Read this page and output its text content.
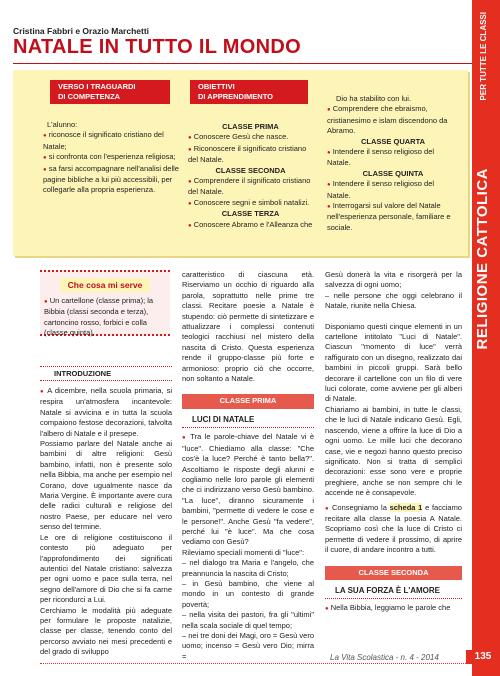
Cristina Fabbri e Orazio Marchetti
NATALE IN TUTTO IL MONDO	PER TUTTE LE CLASSI
RELIGIONE CATTOLICA
VERSO I TRAGUARDI
DI COMPETENZA

L'alunno:

● riconosce il significato cristiano del Natale;

● si confronta con l'esperienza religiosa;

● sa farsi accompagnare nell'analisi delle pagine bibliche a lui più accessibili, per collegarle alla propria esperienza.

OBIETTIVI
DI APPRENDIMENTO

CLASSE PRIMA

● Conoscere Gesù che nasce.

● Riconoscere il significato cristiano del Natale.

CLASSE SECONDA

● Comprendere il significato cristiano del Natale.

● Conoscere segni e simboli natalizi.

CLASSE TERZA

● Conoscere Abramo e l'Alleanza che

Dio ha stabilito con lui.

● Comprendere che ebraismo, cristianesimo e islam discendono da Abramo.

CLASSE QUARTA

● Intendere il senso religioso del Natale.

CLASSE QUINTA

● Intendere il senso religioso del Natale.

● Interrogarsi sul valore del Natale nell'esperienza personale, familiare e sociale.

Che cosa mi serve
● Un cartellone (classe prima); la Bibbia (classi seconda e terza), cartoncino rosso, forbici e colla (classe quinta).
INTRODUZIONE

● A dicembre, nella scuola primaria, si respira un'atmosfera incantevole: Natale si avvicina e in tutta la scuola compaiono festose decorazioni, talvolta l'albero di Natale e il presepe.

Possiamo parlare del Natale anche ai bambini di altre religioni: Gesù bambino, infatti, non è presente solo nella Bibbia, ma anche per esempio nel Corano, dove ugualmente nasce da Maria Vergine. È importante avere cura delle radici culturali e religiose del nostro Paese, per educare nel vero senso del termine.

Le ore di religione costituiscono il contesto più adeguato per l'approfondimento dei significati autentici del Natale cristiano: salvezza per ogni uomo e pace sulla terra, nel segno dell'amore di Dio che si fa carne per ricondurci a Lui.

Cerchiamo le modalità più adeguate per formulare le proposte natalizie, classe per classe, tenendo conto del percorso avviato nei mesi precedenti e del grado di sviluppo

caratteristico di ciascuna età. Riserviamo un occhio di riguardo alla parola, soprattutto nelle prime tre classi. Recitare poesie a Natale è stupendo: ciò permette di sintetizzare e attualizzare i complessi contenuti teologici racchiusi nel mistero della nascita di Cristo. Questa esperienza rende il gruppo-classe più forte e armonioso: proprio ciò che occorre, non soltanto a Natale.

CLASSE PRIMA
LUCI DI NATALE

● Tra le parole-chiave del Natale vi è "luce". Chiediamo alla classe: "Che cos'è la luce? Perché è tanto bella?". Ascoltiamo le risposte degli alunni e cogliamo nelle loro parole gli elementi che ci indirizzano verso Gesù bambino. "La luce", diranno sicuramente i bambini, "permette di vedere le cose e le persone!". Anche Gesù "fa vedere", perché lui "è luce". Ma che cosa vediamo con Gesù?

Rileviamo speciali momenti di "luce":

– nel dialogo tra Maria e l'angelo, che preannuncia la nascita di Cristo;

– in Gesù bambino, che viene al mondo in un contesto di grande povertà;

– nella visita dei pastori, fra gli "ultimi" nella scala sociale di quel tempo;

– nei tre doni dei Magi, oro = Gesù vero uomo; incenso = Gesù vero Dio; mirra =

Gesù donerà la vita e risorgerà per la salvezza di ogni uomo;

– nelle persone che oggi celebrano il Natale, riunite nella Chiesa.

Disponiamo questi cinque elementi in un cartellone intitolato "Luci di Natale". Ciascun "momento di luce" verrà raffigurato con un disegno, realizzato dai bambini in piccoli gruppi. Sarà bello decorare il cartellone con un filo di vere luci colorate, come avviene per gli alberi di Natale.

Chiariamo ai bambini, in tutte le classi, che le luci di Natale indicano Gesù. Egli, nascendo, viene a offrire la luce di Dio a ogni uomo. Le mille luci che decorano case, vie e negozi hanno questo preciso significato. Non si tratta di semplici decorazioni: esse sono vere e proprie preghiere, anche se non sempre chi le accende ne è consapevole.

● Consegniamo la scheda 1 e facciamo recitare alla classe la poesia A Natale. Scopriamo così che la luce di Cristo ci permette di vedere il prossimo, di aprire il cuore, di andare incontro a tutti.

CLASSE SECONDA
LA SUA FORZA È L'AMORE

● Nella Bibbia, leggiamo le parole che

La Vita Scolastica - n. 4 - 2014	135
